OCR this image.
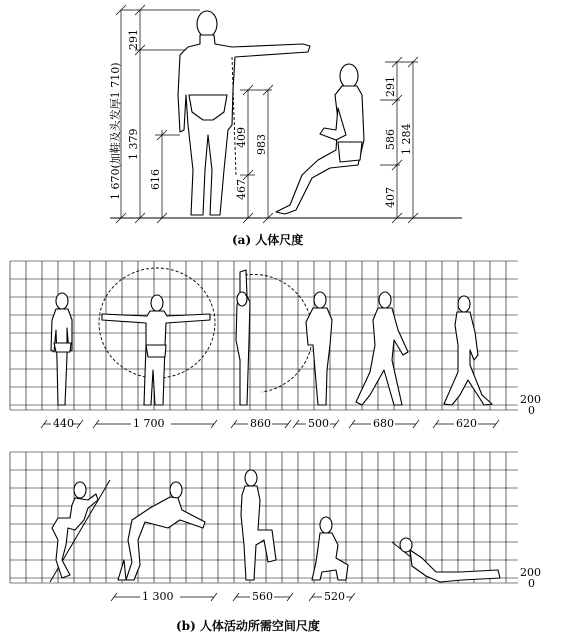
1 670(加鞋及头发厚1 710)
291
1 379
616
409
467
983
291
586
407
1 284
(a) 人体尺度
200
0
440	1 700	860	500	680	620
200
0
1 300	560	520
(b) 人体活动所需空间尺度
